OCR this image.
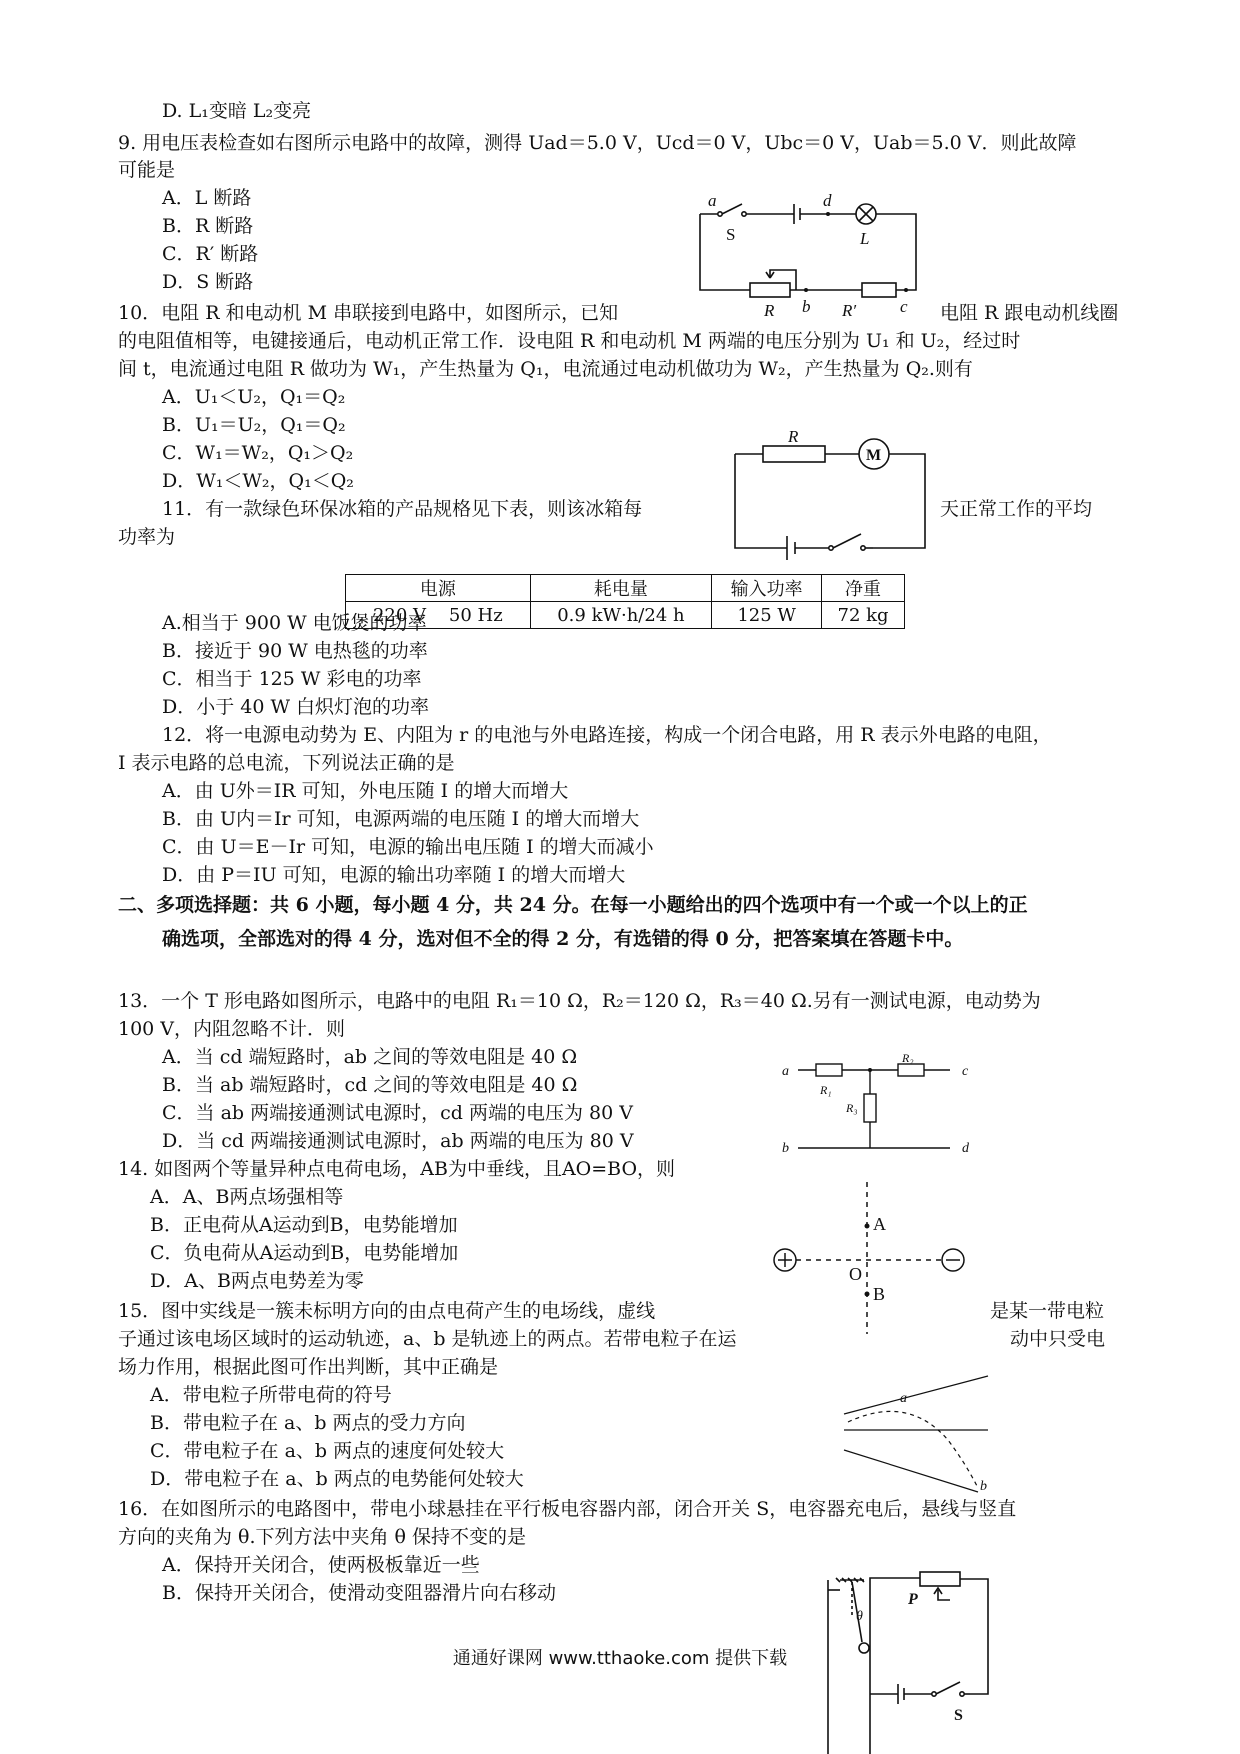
D. L₁变暗 L₂变亮
9. 用电压表检查如右图所示电路中的故障，测得 Uad＝5.0 V，Ucd＝0 V，Ubc＝0 V，Uab＝5.0 V．则此故障
可能是
A．L 断路
B．R 断路
C．R′ 断路
D．S 断路
10．电阻 R 和电动机 M 串联接到电路中，如图所示，已知	电阻 R 跟电动机线圈
的电阻值相等，电键接通后，电动机正常工作．设电阻 R 和电动机 M 两端的电压分别为 U₁ 和 U₂，经过时
间 t，电流通过电阻 R 做功为 W₁，产生热量为 Q₁，电流通过电动机做功为 W₂，产生热量为 Q₂.则有
A．U₁＜U₂，Q₁＝Q₂
B．U₁＝U₂，Q₁＝Q₂
C．W₁＝W₂，Q₁＞Q₂
D．W₁＜W₂，Q₁＜Q₂
11．有一款绿色环保冰箱的产品规格见下表，则该冰箱每	天正常工作的平均
功率为
A.相当于 900 W 电饭煲的功率
B．接近于 90 W 电热毯的功率
C．相当于 125 W 彩电的功率
D．小于 40 W 白炽灯泡的功率
12．将一电源电动势为 E、内阻为 r 的电池与外电路连接，构成一个闭合电路，用 R 表示外电路的电阻，
I 表示电路的总电流，下列说法正确的是
A．由 U外＝IR 可知，外电压随 I 的增大而增大
B．由 U内＝Ir 可知，电源两端的电压随 I 的增大而增大
C．由 U＝E－Ir 可知，电源的输出电压随 I 的增大而减小
D．由 P＝IU 可知，电源的输出功率随 I 的增大而增大
二、多项选择题：共 6 小题，每小题 4 分，共 24 分。在每一小题给出的四个选项中有一个或一个以上的正
确选项，全部选对的得 4 分，选对但不全的得 2 分，有选错的得 0 分，把答案填在答题卡中。
13．一个 T 形电路如图所示，电路中的电阻 R₁＝10 Ω，R₂＝120 Ω，R₃＝40 Ω.另有一测试电源，电动势为
100 V，内阻忽略不计．则
A．当 cd 端短路时，ab 之间的等效电阻是 40 Ω
B．当 ab 端短路时，cd 之间的等效电阻是 40 Ω
C．当 ab 两端接通测试电源时，cd 两端的电压为 80 V
D．当 cd 两端接通测试电源时，ab 两端的电压为 80 V
14. 如图两个等量异种点电荷电场，AB为中垂线，且AO=BO，则
A．A、B两点场强相等
B．正电荷从A运动到B，电势能增加
C．负电荷从A运动到B，电势能增加
D．A、B两点电势差为零
15．图中实线是一簇未标明方向的由点电荷产生的电场线，虚线	是某一带电粒
子通过该电场区域时的运动轨迹，a、b 是轨迹上的两点。若带电粒子在运	动中只受电
场力作用，根据此图可作出判断，其中正确是
A．带电粒子所带电荷的符号
B．带电粒子在 a、b 两点的受力方向
C．带电粒子在 a、b 两点的速度何处较大
D．带电粒子在 a、b 两点的电势能何处较大
16．在如图所示的电路图中，带电小球悬挂在平行板电容器内部，闭合开关 S，电容器充电后，悬线与竖直
方向的夹角为 θ.下列方法中夹角 θ 保持不变的是
A．保持开关闭合，使两极板靠近一些
B．保持开关闭合，使滑动变阻器滑片向右移动
电源	耗电量	输入功率	净重
220 V    50 Hz	0.9 kW·h/24 h	125 W	72 kg
a	d
S	L
R b R′	c
R
M
a
R₁
R₂
c
R₃
b	d
A
O
B
a
b
P
θ
S
通通好课网 www.tthaoke.com 提供下载
